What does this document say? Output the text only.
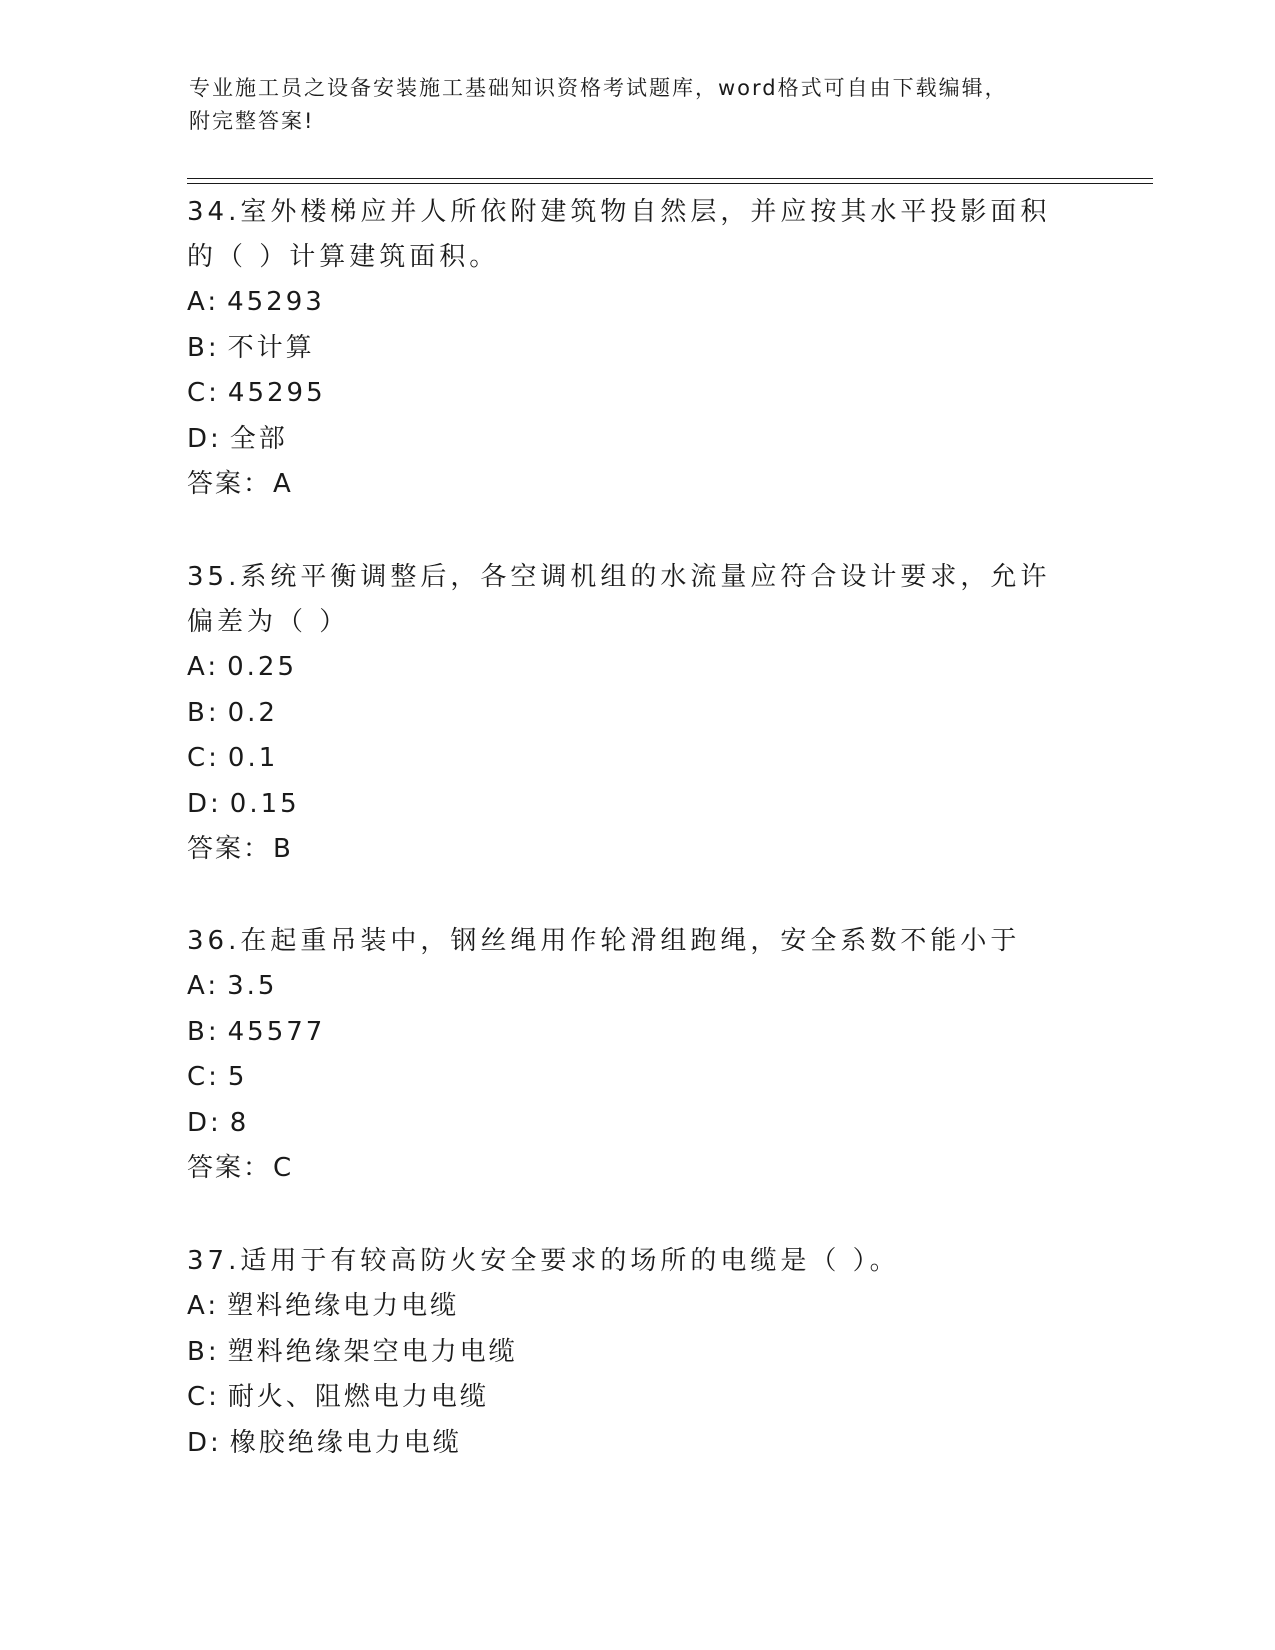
专业施工员之设备安装施工基础知识资格考试题库，word格式可自由下载编辑，
附完整答案!

34.室外楼梯应并人所依附建筑物自然层，并应按其水平投影面积的（ ）计算建筑面积。

A: 45293
B: 不计算
C: 45295
D: 全部
答案：A

35.系统平衡调整后，各空调机组的水流量应符合设计要求，允许偏差为（ ）

A: 0.25
B: 0.2
C: 0.1
D: 0.15
答案：B

36.在起重吊装中，钢丝绳用作轮滑组跑绳，安全系数不能小于

A: 3.5
B: 45577
C: 5
D: 8
答案：C

37.适用于有较高防火安全要求的场所的电缆是（ ）。

A: 塑料绝缘电力电缆
B: 塑料绝缘架空电力电缆
C: 耐火、阻燃电力电缆
D: 橡胶绝缘电力电缆
